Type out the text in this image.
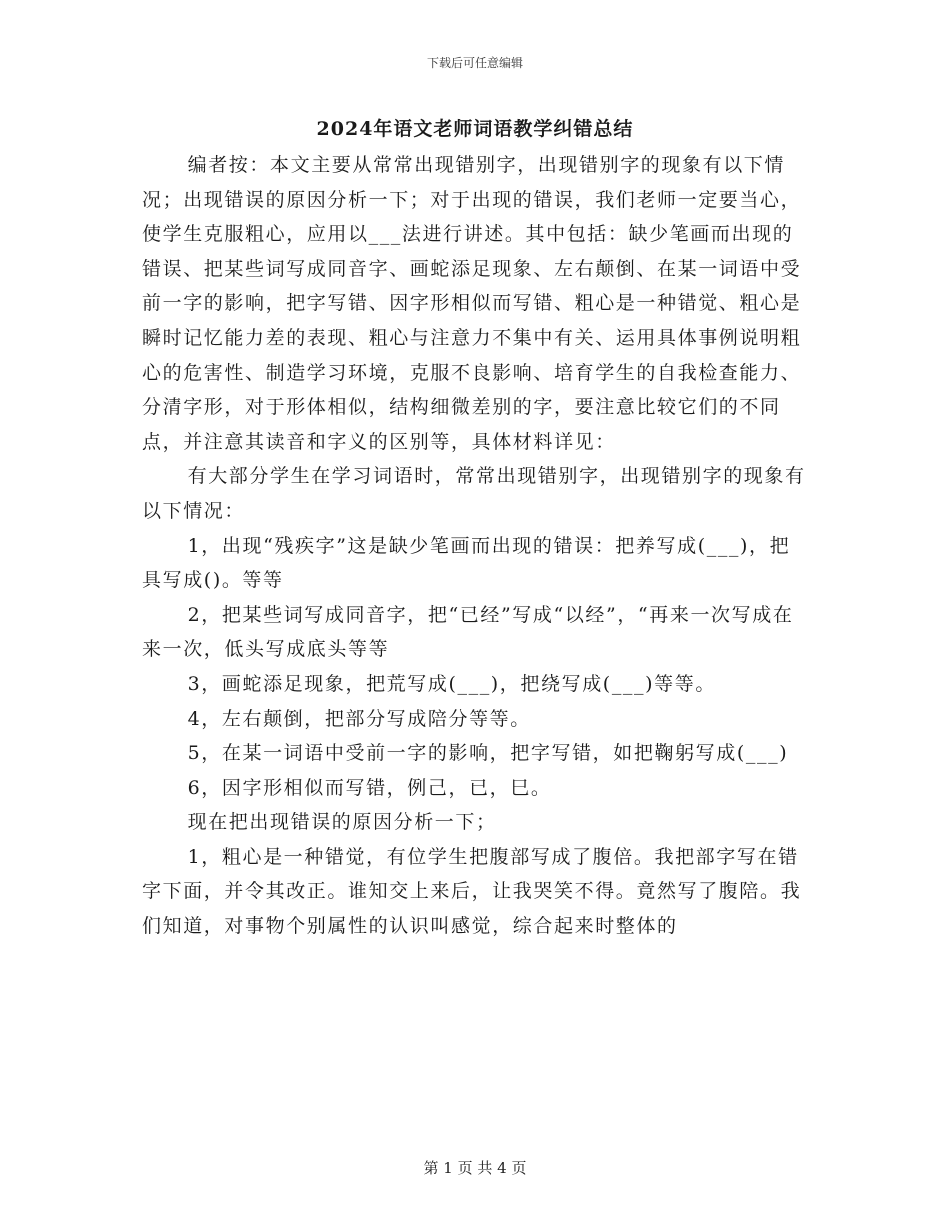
下载后可任意编辑
2024年语文老师词语教学纠错总结

编者按：本文主要从常常出现错别字，出现错别字的现象有以下情况；出现错误的原因分析一下；对于出现的错误，我们老师一定要当心，使学生克服粗心，应用以___法进行讲述。其中包括：缺少笔画而出现的错误、把某些词写成同音字、画蛇添足现象、左右颠倒、在某一词语中受前一字的影响，把字写错、因字形相似而写错、粗心是一种错觉、粗心是瞬时记忆能力差的表现、粗心与注意力不集中有关、运用具体事例说明粗心的危害性、制造学习环境，克服不良影响、培育学生的自我检查能力、分清字形，对于形体相似，结构细微差别的字，要注意比较它们的不同点，并注意其读音和字义的区别等，具体材料详见：

有大部分学生在学习词语时，常常出现错别字，出现错别字的现象有以下情况：

1，出现“残疾字”这是缺少笔画而出现的错误：把养写成(___)，把具写成()。等等

2，把某些词写成同音字，把“已经”写成“以经”，“再来一次写成在来一次，低头写成底头等等

3，画蛇添足现象，把荒写成(___)，把绕写成(___)等等。

4，左右颠倒，把部分写成陪分等等。

5，在某一词语中受前一字的影响，把字写错，如把鞠躬写成(___)

6，因字形相似而写错，例己，已，巳。

现在把出现错误的原因分析一下；

1，粗心是一种错觉，有位学生把腹部写成了腹倍。我把部字写在错字下面，并令其改正。谁知交上来后，让我哭笑不得。竟然写了腹陪。我们知道，对事物个别属性的认识叫感觉，综合起来时整体的

第 1 页 共 4 页
